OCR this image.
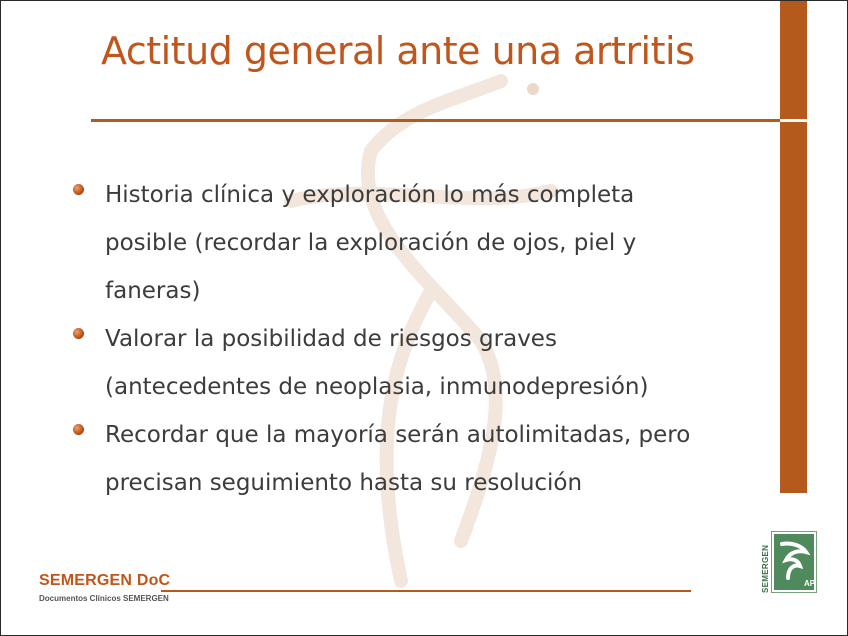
Actitud general ante una artritis
Historia clínica y exploración lo más completa
posible (recordar la exploración de ojos, piel y
faneras)
Valorar la posibilidad de riesgos graves
(antecedentes de neoplasia, inmunodepresión)
Recordar que la mayoría serán autolimitadas, pero
precisan seguimiento hasta su resolución
SEMERGEN DoC
Documentos Clínicos SEMERGEN
SEMERGEN	AP
